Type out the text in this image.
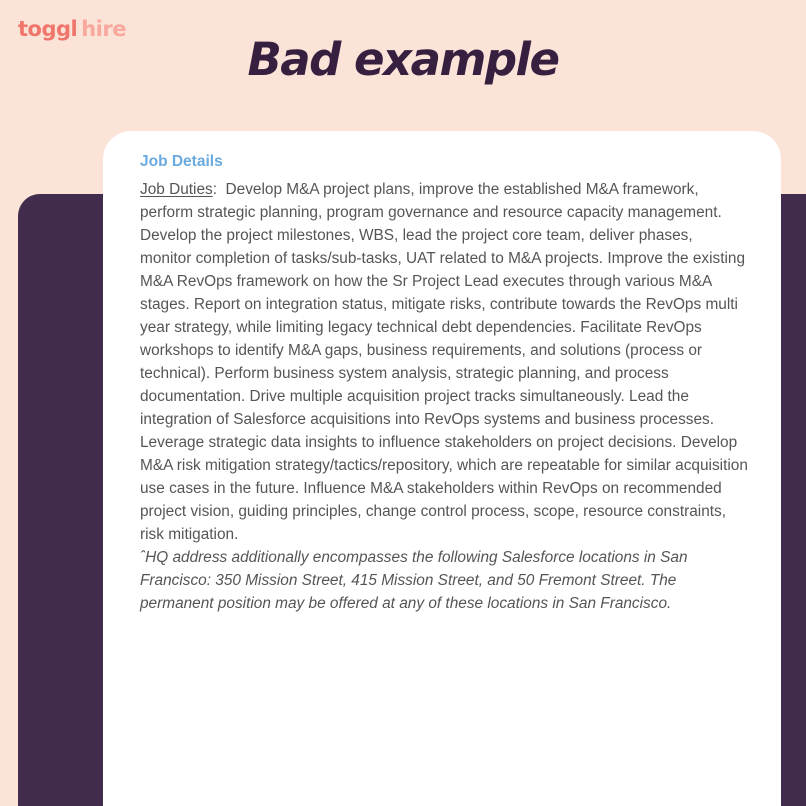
toggl hire
Bad example
Job Details

Job Duties:  Develop M&A project plans, improve the established M&A framework, perform strategic planning, program governance and resource capacity management. Develop the project milestones, WBS, lead the project core team, deliver phases, monitor completion of tasks/sub-tasks, UAT related to M&A projects. Improve the existing M&A RevOps framework on how the Sr Project Lead executes through various M&A stages. Report on integration status, mitigate risks, contribute towards the RevOps multi year strategy, while limiting legacy technical debt dependencies. Facilitate RevOps workshops to identify M&A gaps, business requirements, and solutions (process or technical). Perform business system analysis, strategic planning, and process documentation. Drive multiple acquisition project tracks simultaneously. Lead the integration of Salesforce acquisitions into RevOps systems and business processes. Leverage strategic data insights to influence stakeholders on project decisions. Develop M&A risk mitigation strategy/tactics/repository, which are repeatable for similar acquisition use cases in the future. Influence M&A stakeholders within RevOps on recommended project vision, guiding principles, change control process, scope, resource constraints, risk mitigation.

ˆHQ address additionally encompasses the following Salesforce locations in San Francisco: 350 Mission Street, 415 Mission Street, and 50 Fremont Street. The permanent position may be offered at any of these locations in San Francisco.
